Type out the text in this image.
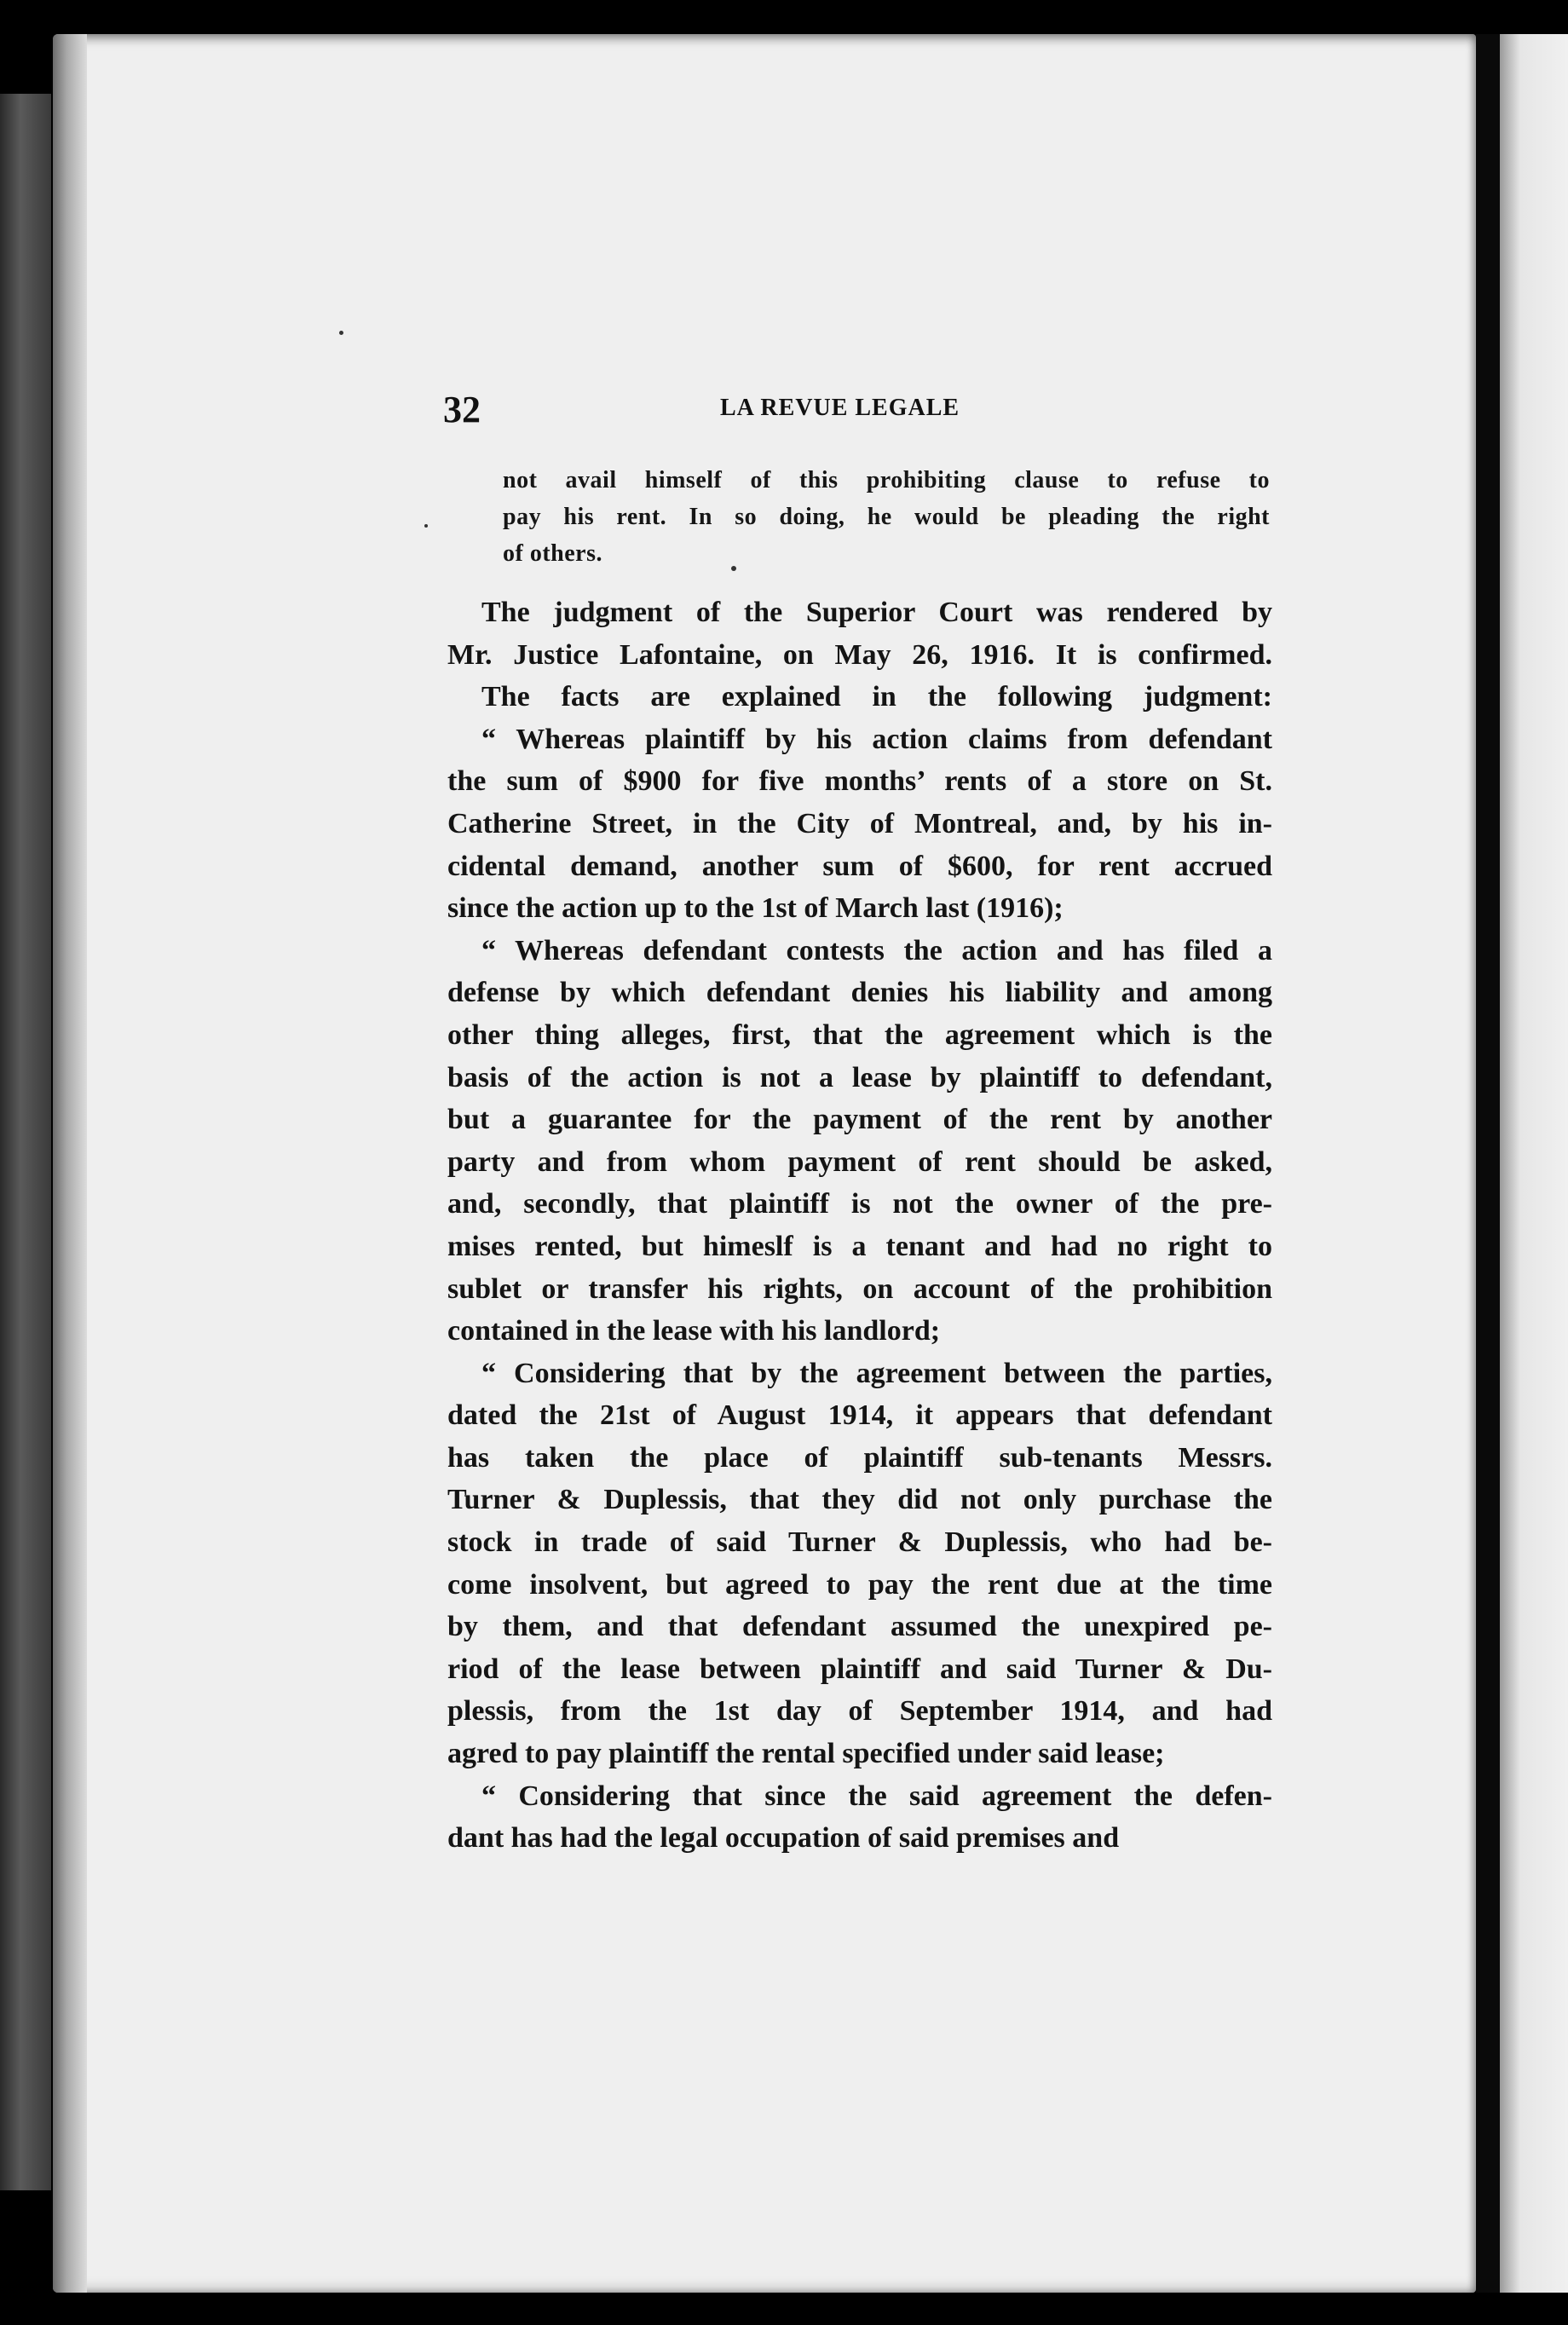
32	LA REVUE LEGALE
not avail himself of this prohibiting clause to refuse to
pay his rent. In so doing, he would be pleading the right
of others.
The judgment of the Superior Court was rendered by
Mr. Justice Lafontaine, on May 26, 1916. It is confirmed.
The facts are explained in the following judgment:
“ Whereas plaintiff by his action claims from defendant
the sum of $900 for five months’ rents of a store on St.
Catherine Street, in the City of Montreal, and, by his in-
cidental demand, another sum of $600, for rent accrued
since the action up to the 1st of March last (1916);
“ Whereas defendant contests the action and has filed a
defense by which defendant denies his liability and among
other thing alleges, first, that the agreement which is the
basis of the action is not a lease by plaintiff to defendant,
but a guarantee for the payment of the rent by another
party and from whom payment of rent should be asked,
and, secondly, that plaintiff is not the owner of the pre-
mises rented, but himeslf is a tenant and had no right to
sublet or transfer his rights, on account of the prohibition
contained in the lease with his landlord;
“ Considering that by the agreement between the parties,
dated the 21st of August 1914, it appears that defendant
has taken the place of plaintiff sub-tenants Messrs.
Turner & Duplessis, that they did not only purchase the
stock in trade of said Turner & Duplessis, who had be-
come insolvent, but agreed to pay the rent due at the time
by them, and that defendant assumed the unexpired pe-
riod of the lease between plaintiff and said Turner & Du-
plessis, from the 1st day of September 1914, and had
agred to pay plaintiff the rental specified under said lease;
“ Considering that since the said agreement the defen-
dant has had the legal occupation of said premises and
